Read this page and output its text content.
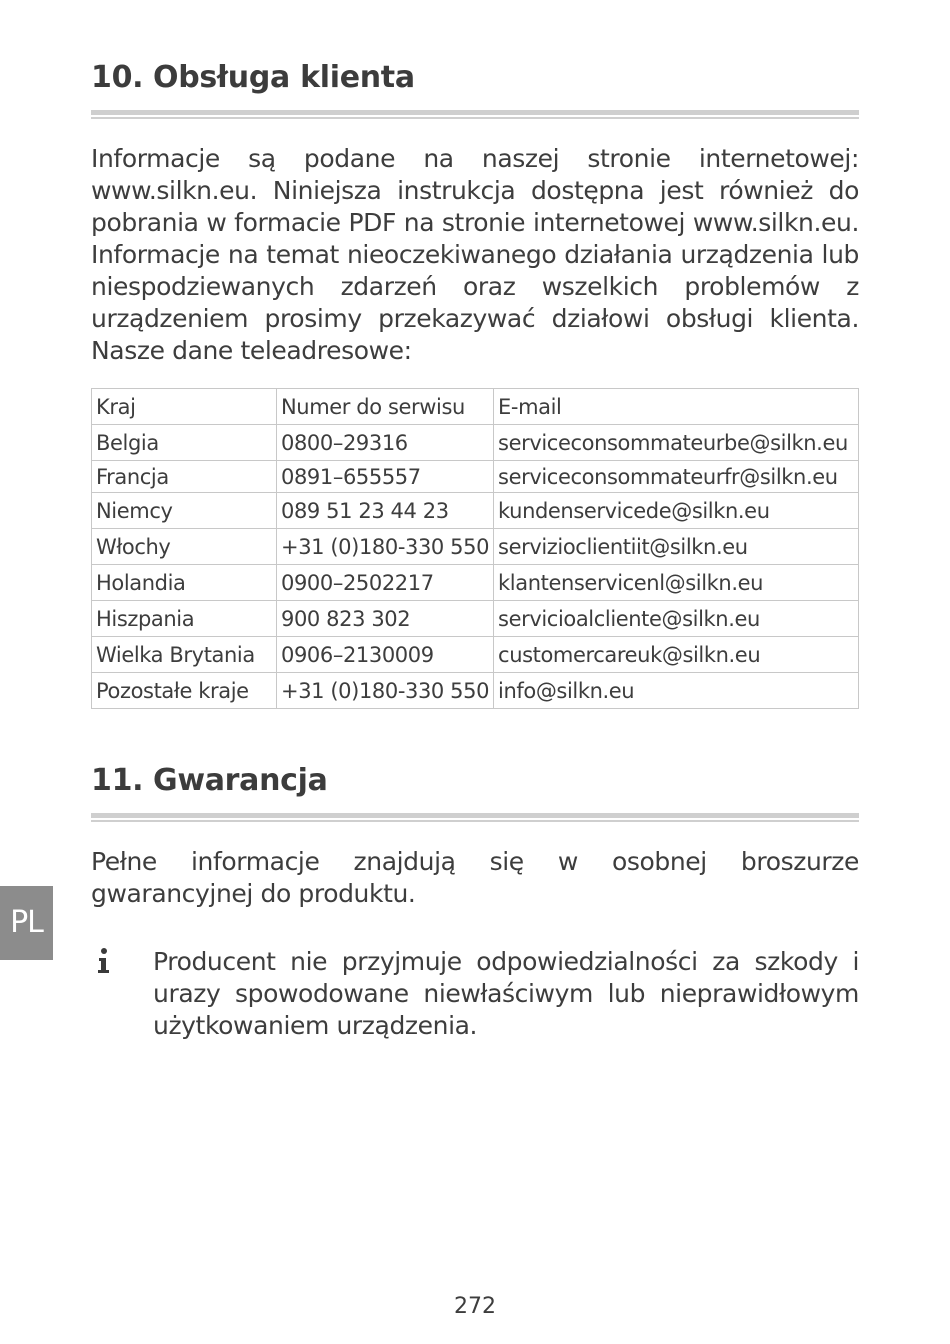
10. Obsługa klienta

Informacje są podane na naszej stronie internetowej: www.silkn.eu. Niniejsza instrukcja dostępna jest również do pobrania w formacie PDF na stronie internetowej www.silkn.eu. Informacje na temat nieoczekiwanego działania urządzenia lub niespodziewanych zdarzeń oraz wszelkich problemów z urządzeniem prosimy przekazywać działowi obsługi klienta. Nasze dane teleadresowe:

Kraj	Numer do serwisu	E-mail
Belgia	0800–29316	serviceconsommateurbe@silkn.eu
Francja	0891–655557	serviceconsommateurfr@silkn.eu
Niemcy	089 51 23 44 23	kundenservicede@silkn.eu
Włochy	+31 (0)180-330 550	servizioclientiit@silkn.eu
Holandia	0900–2502217	klantenservicenl@silkn.eu
Hiszpania	900 823 302	servicioalcliente@silkn.eu
Wielka Brytania	0906–2130009	customercareuk@silkn.eu
Pozostałe kraje	+31 (0)180-330 550	info@silkn.eu
11. Gwarancja

Pełne informacje znajdują się w osobnej broszurze gwarancyjnej do produktu.

Producent nie przyjmuje odpowiedzialności za szkody i urazy spowodowane niewłaściwym lub nieprawidłowym użytkowaniem urządzenia.

PL
272
